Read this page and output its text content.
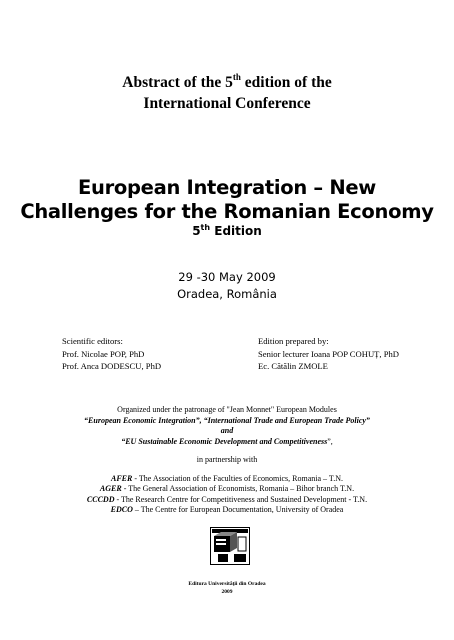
Abstract of the 5th edition of the
International Conference
European Integration – New
Challenges for the Romanian Economy
5th Edition
29 -30 May 2009
Oradea, România
Scientific editors:
Prof. Nicolae POP, PhD
Prof. Anca DODESCU, PhD
Edition prepared by:
Senior lecturer Ioana POP COHUȚ, PhD
Ec. Cătălin ZMOLE
Organized under the patronage of "Jean Monnet" European Modules
“European Economic Integration”, “International Trade and European Trade Policy”
and
“EU Sustainable Economic Development and Competitiveness”,
in partnership with
AFER - The Association of the Faculties of Economics, Romania – T.N.
AGER - The General Association of Economists, Romania – Bihor branch T.N.
CCCDD - The Research Centre for Competitiveness and Sustained Development - T.N.
EDCO – The Centre for European Documentation, University of Oradea
Editura Universităţii din Oradea
2009
